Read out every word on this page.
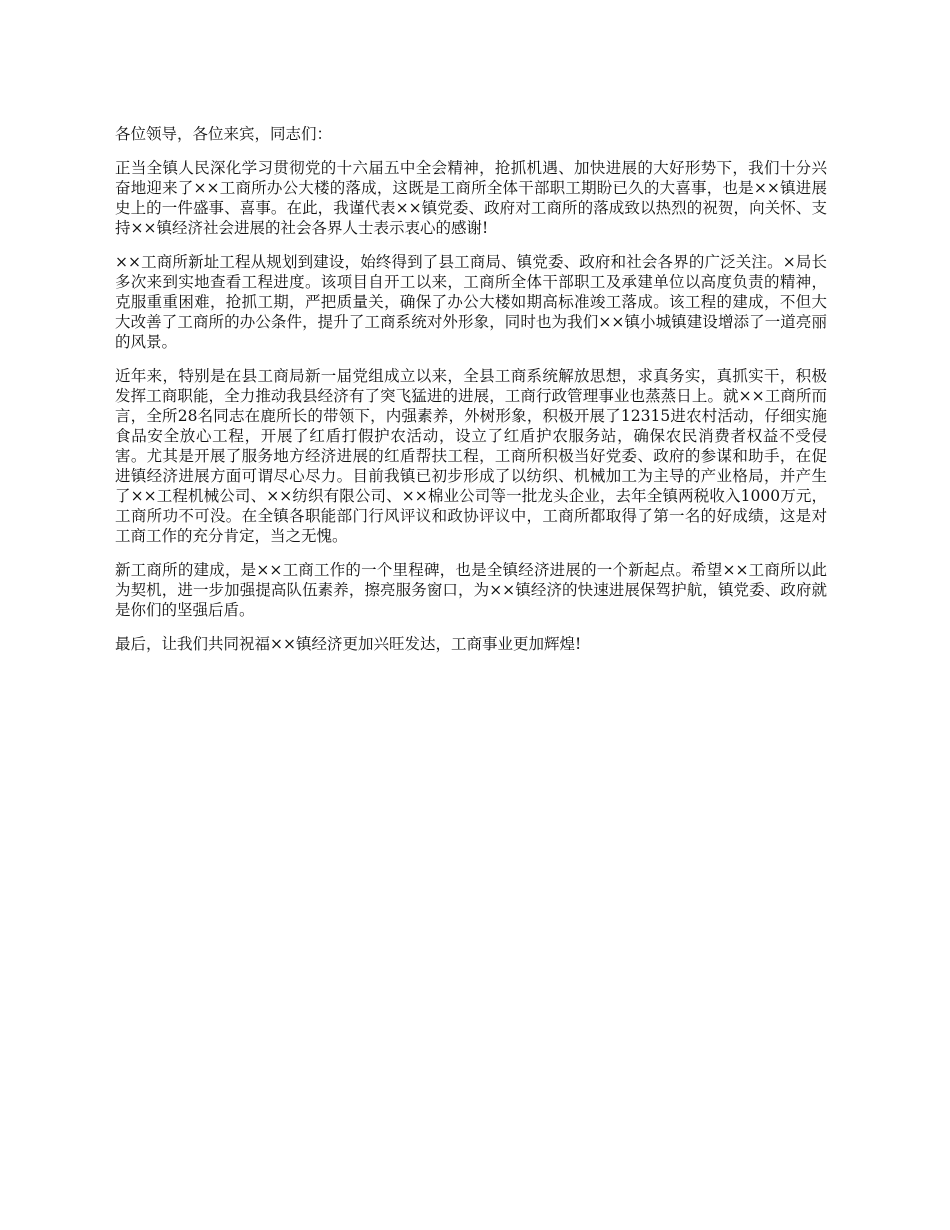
各位领导，各位来宾，同志们：

正当全镇人民深化学习贯彻党的十六届五中全会精神，抢抓机遇、加快进展的大好形势下，我们十分兴奋地迎来了××工商所办公大楼的落成，这既是工商所全体干部职工期盼已久的大喜事，也是××镇进展史上的一件盛事、喜事。在此，我谨代表××镇党委、政府对工商所的落成致以热烈的祝贺，向关怀、支持××镇经济社会进展的社会各界人士表示衷心的感谢!

××工商所新址工程从规划到建设，始终得到了县工商局、镇党委、政府和社会各界的广泛关注。×局长多次来到实地查看工程进度。该项目自开工以来，工商所全体干部职工及承建单位以高度负责的精神，克服重重困难，抢抓工期，严把质量关，确保了办公大楼如期高标准竣工落成。该工程的建成，不但大大改善了工商所的办公条件，提升了工商系统对外形象，同时也为我们××镇小城镇建设增添了一道亮丽的风景。

近年来，特别是在县工商局新一届党组成立以来，全县工商系统解放思想，求真务实，真抓实干，积极发挥工商职能，全力推动我县经济有了突飞猛进的进展，工商行政管理事业也蒸蒸日上。就××工商所而言，全所28名同志在鹿所长的带领下，内强素养，外树形象，积极开展了12315进农村活动，仔细实施食品安全放心工程，开展了红盾打假护农活动，设立了红盾护农服务站，确保农民消费者权益不受侵害。尤其是开展了服务地方经济进展的红盾帮扶工程，工商所积极当好党委、政府的参谋和助手，在促进镇经济进展方面可谓尽心尽力。目前我镇已初步形成了以纺织、机械加工为主导的产业格局，并产生了××工程机械公司、××纺织有限公司、××棉业公司等一批龙头企业，去年全镇两税收入1000万元，工商所功不可没。在全镇各职能部门行风评议和政协评议中，工商所都取得了第一名的好成绩，这是对工商工作的充分肯定，当之无愧。

新工商所的建成，是××工商工作的一个里程碑，也是全镇经济进展的一个新起点。希望××工商所以此为契机，进一步加强提高队伍素养，擦亮服务窗口，为××镇经济的快速进展保驾护航，镇党委、政府就是你们的坚强后盾。

最后，让我们共同祝福××镇经济更加兴旺发达，工商事业更加辉煌!
